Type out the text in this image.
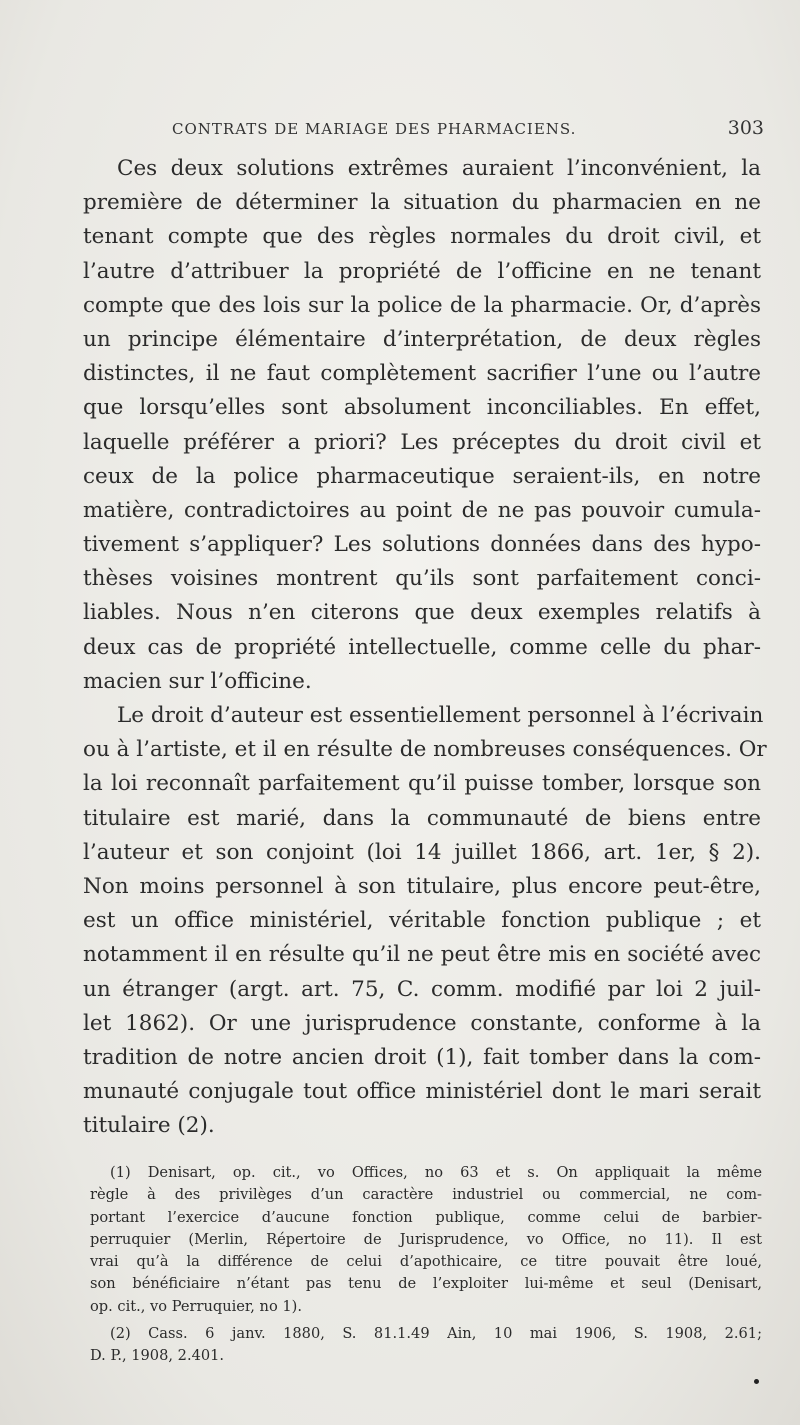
CONTRATS DE MARIAGE DES PHARMACIENS.	303
Ces deux solutions extrêmes auraient l’inconvénient, la
première de déterminer la situation du pharmacien en ne
tenant compte que des règles normales du droit civil, et
l’autre d’attribuer la propriété de l’officine en ne tenant
compte que des lois sur la police de la pharmacie. Or, d’après
un principe élémentaire d’interprétation, de deux règles
distinctes, il ne faut complètement sacrifier l’une ou l’autre
que lorsqu’elles sont absolument inconciliables. En effet,
laquelle préférer a priori? Les préceptes du droit civil et
ceux de la police pharmaceutique seraient-ils, en notre
matière, contradictoires au point de ne pas pouvoir cumula-
tivement s’appliquer? Les solutions données dans des hypo-
thèses voisines montrent qu’ils sont parfaitement conci-
liables. Nous n’en citerons que deux exemples relatifs à
deux cas de propriété intellectuelle, comme celle du phar-
macien sur l’officine.
Le droit d’auteur est essentiellement personnel à l’écrivain
ou à l’artiste, et il en résulte de nombreuses conséquences. Or
la loi reconnaît parfaitement qu’il puisse tomber, lorsque son
titulaire est marié, dans la communauté de biens entre
l’auteur et son conjoint (loi 14 juillet 1866, art. 1er, § 2).
Non moins personnel à son titulaire, plus encore peut-être,
est un office ministériel, véritable fonction publique ; et
notamment il en résulte qu’il ne peut être mis en société avec
un étranger (argt. art. 75, C. comm. modifié par loi 2 juil-
let 1862). Or une jurisprudence constante, conforme à la
tradition de notre ancien droit (1), fait tomber dans la com-
munauté conjugale tout office ministériel dont le mari serait
titulaire (2).
(1) Denisart, op. cit., vo Offices, no 63 et s. On appliquait la même
règle à des privilèges d’un caractère industriel ou commercial, ne com-
portant l’exercice d’aucune fonction publique, comme celui de barbier-
perruquier (Merlin, Répertoire de Jurisprudence, vo Office, no 11). Il est
vrai qu’à la différence de celui d’apothicaire, ce titre pouvait être loué,
son bénéficiaire n’étant pas tenu de l’exploiter lui-même et seul (Denisart,
op. cit., vo Perruquier, no 1).
(2) Cass. 6 janv. 1880, S. 81.1.49 Ain, 10 mai 1906, S. 1908, 2.61;
D. P., 1908, 2.401.
